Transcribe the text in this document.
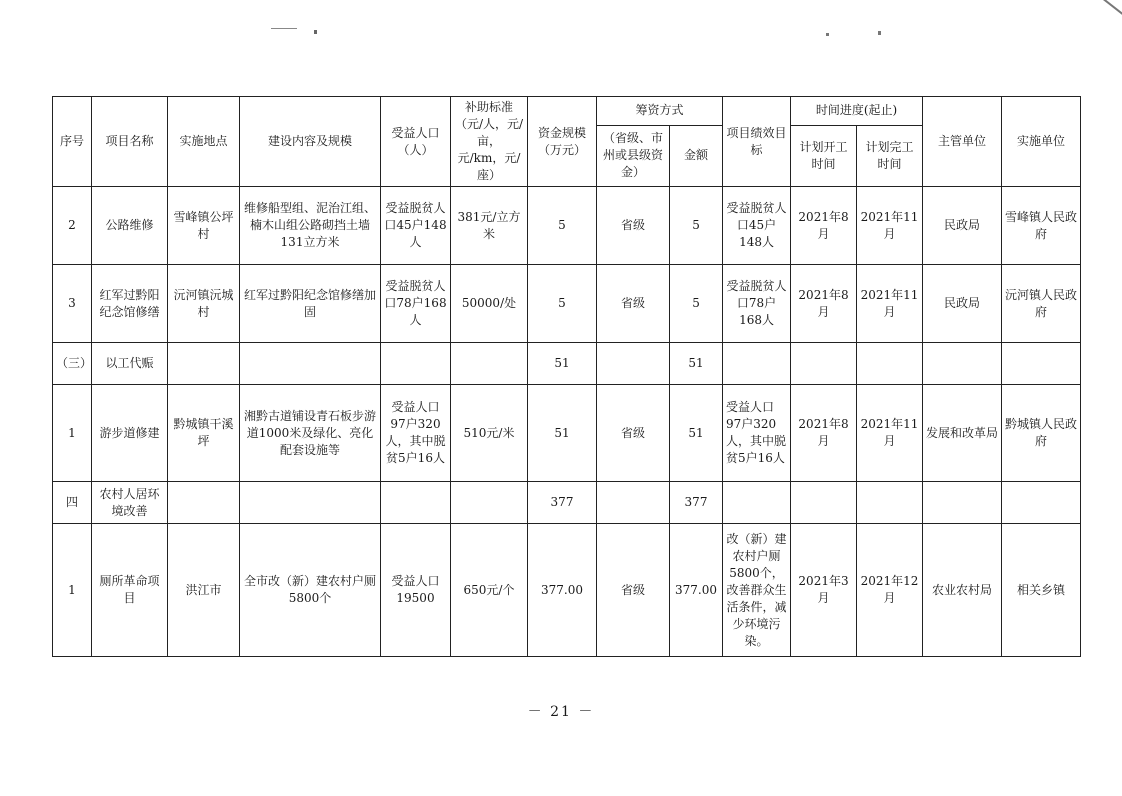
序号	项目名称	实施地点	建设内容及规模	受益人口（人）	补助标准（元/人，元/亩，元/km，元/座）	资金规模（万元）	筹资方式		项目绩效目标	时间进度(起止)		主管单位	实施单位
							（省级、市州或县级资金）	金额		计划开工时间	计划完工时间		
2	公路维修	雪峰镇公坪村	维修船型组、泥治江组、楠木山组公路砌挡土墙131立方米	受益脱贫人口45户148人	381元/立方米	5	省级	5	受益脱贫人口45户148人	2021年8月	2021年11月	民政局	雪峰镇人民政府
3	红军过黔阳纪念馆修缮	沅河镇沅城村	红军过黔阳纪念馆修缮加固	受益脱贫人口78户168人	50000/处	5	省级	5	受益脱贫人口78户168人	2021年8月	2021年11月	民政局	沅河镇人民政府
（三）	以工代赈					51		51					
1	游步道修建	黔城镇干溪坪	湘黔古道铺设青石板步游道1000米及绿化、亮化配套设施等	受益人口97户320人，其中脱贫5户16人	510元/米	51	省级	51	受益人口97户320人，其中脱贫5户16人	2021年8月	2021年11月	发展和改革局	黔城镇人民政府
四	农村人居环境改善					377		377					
1	厕所革命项目	洪江市	全市改（新）建农村户厕5800个	受益人口19500	650元/个	377.00	省级	377.00	改（新）建农村户厕5800个，改善群众生活条件，减少环境污染。	2021年3月	2021年12月	农业农村局	相关乡镇
－ 21 －
